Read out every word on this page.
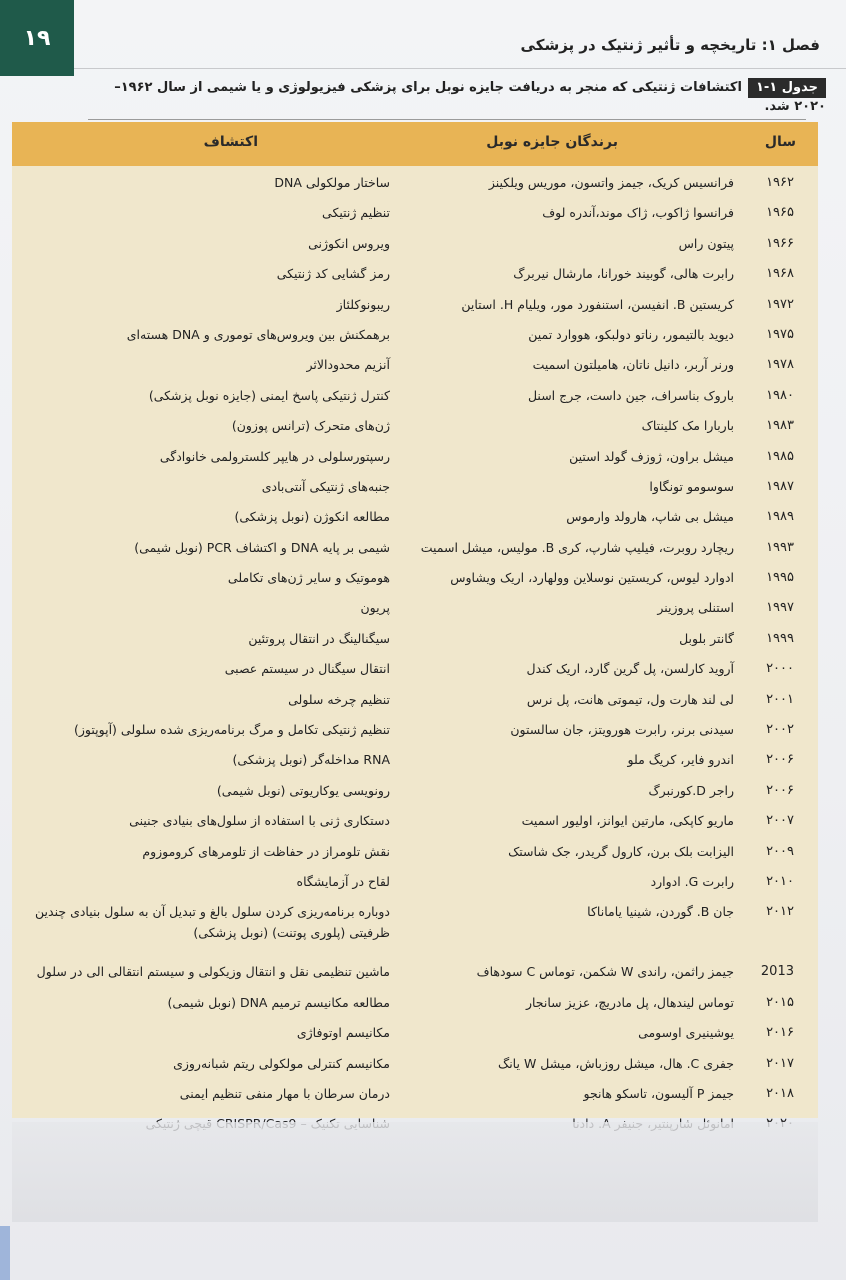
۱۹	فصل ۱: تاریخچه و تأثیر ژنتیک در پزشکی
جدول ۱-۱اکتشافات ژنتیکی که منجر به دریافت جایزه نوبل برای پزشکی فیزیولوژی و یا شیمی از سال ۱۹۶۲–۲۰۲۰ شد.
سال
برندگان جایزه نوبل
اکتشاف
۱۹۶۲
فرانسیس کریک، جیمز واتسون، موریس ویلکینز
ساختار مولکولی DNA
۱۹۶۵
فرانسوا ژاکوب، ژاک موند،آندره لوف
تنظیم ژنتیکی
۱۹۶۶
پیتون راس
ویروس انکوژنی
۱۹۶۸
رابرت هالی، گوبیند خورانا، مارشال نیربرگ
رمز گشایی کد ژنتیکی
۱۹۷۲
کریستین B. انفیسن، استنفورد مور، ویلیام H. استاین
ریبونوکلئاز
۱۹۷۵
دیوید بالتیمور، رناتو دولبکو، هووارد تمین
برهمکنش بین ویروس‌های توموری و DNA هسته‌ای
۱۹۷۸
ورنر آربر، دانیل ناتان، هامیلتون اسمیت
آنزیم محدودالاثر
۱۹۸۰
باروک بناسراف، جین داست، جرج اسنل
کنترل ژنتیکی پاسخ ایمنی (جایزه نوبل پزشکی)
۱۹۸۳
باربارا مک کلینتاک
ژن‌های متحرک (ترانس پوزون)
۱۹۸۵
میشل براون، ژوزف گولد استین
رسپتورسلولی در هایپر کلسترولمی خانوادگی
۱۹۸۷
سوسومو تونگاوا
جنبه‌های ژنتیکی آنتی‌بادی
۱۹۸۹
میشل بی شاپ، هارولد وارموس
مطالعه انکوژن (نوبل پزشکی)
۱۹۹۳
ریچارد روبرت، فیلیپ شارپ، کری B. مولیس، میشل اسمیت
شیمی بر پایه DNA و اکتشاف PCR (نوبل شیمی)
۱۹۹۵
ادوارد لیوس، کریستین نوسلاین وولهارد، اریک ویشاوس
هوموتیک و سایر ژن‌های تکاملی
۱۹۹۷
استنلی پروزینر
پریون
۱۹۹۹
گانتر بلوبل
سیگنالینگ در انتقال پروتئین
۲۰۰۰
آروید کارلسن، پل گرین گارد، اریک کندل
انتقال سیگنال در سیستم عصبی
۲۰۰۱
لی لند هارت ول، تیموتی هانت، پل نرس
تنظیم چرخه سلولی
۲۰۰۲
سیدنی برنر، رابرت هورویتز، جان سالستون
تنظیم ژنتیکی تکامل و مرگ برنامه‌ریزی شده سلولی (آپوپتوز)
۲۰۰۶
اندرو فایر، کریگ ملو
RNA مداخله‌گر (نوبل پزشکی)
۲۰۰۶
راجر D.کورنبرگ
رونویسی یوکاریوتی (نوبل شیمی)
۲۰۰۷
ماریو کاپکی، مارتین ایوانز، اولیور اسمیت
دستکاری ژنی با استفاده از سلول‌های بنیادی جنینی
۲۰۰۹
الیزابت بلک برن، کارول گریدر، جک شاستک
نقش تلومراز در حفاظت از تلومرهای کروموزوم
۲۰۱۰
رابرت G. ادوارد
لقاح در آزمایشگاه
۲۰۱۲
جان B. گوردن، شینیا یاماناکا
دوباره برنامه‌ریزی کردن سلول بالغ و تبدیل آن به سلول بنیادی چندین ظرفیتی (پلوری پوتنت) (نوبل پزشکی)
2013
جیمز راثمن، راندی W شکمن، توماس C سودهاف
ماشین تنظیمی نقل و انتقال وزیکولی و سیستم انتقالی الی در سلول
۲۰۱۵
توماس لیندهال، پل مادریچ، عزیز سانجار
مطالعه مکانیسم ترمیم DNA (نوبل شیمی)
۲۰۱۶
یوشینیری اوسومی
مکانیسم اوتوفاژی
۲۰۱۷
جفری C. هال، میشل روزباش، میشل W یانگ
مکانیسم کنترلی مولکولی ریتم شبانه‌روزی
۲۰۱۸
جیمز P آلیسون، تاسکو هانجو
درمان سرطان با مهار منفی تنظیم ایمنی
